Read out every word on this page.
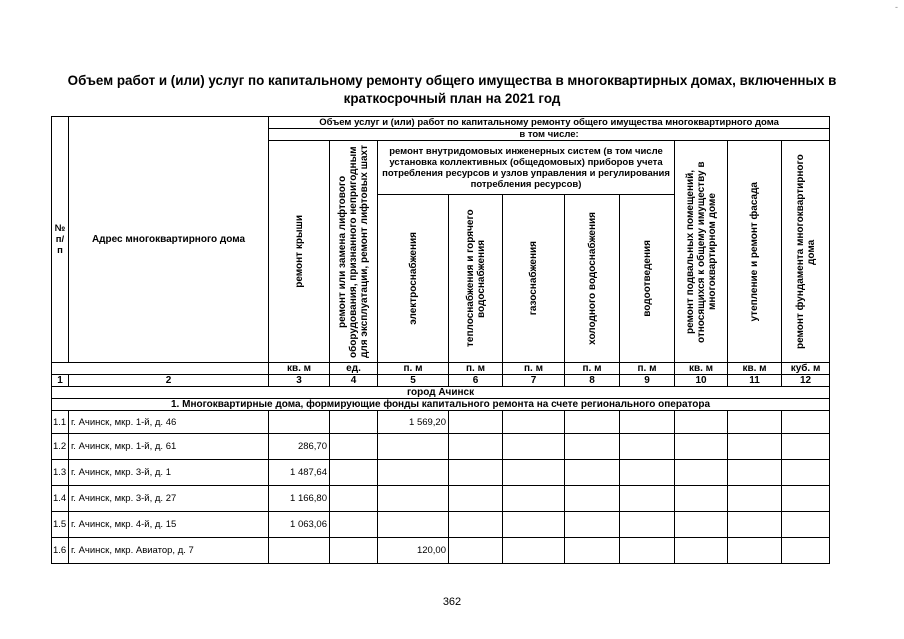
-
Объем работ и (или) услуг по капитальному ремонту общего имущества в многоквартирных домах, включенных в
краткосрочный план на 2021 год
№ п/ п	Адрес многоквартирного дома	Объем услуг и (или) работ по капитальному ремонту общего имущества многоквартирного дома									
		в том числе:									

		ремонт крыши	ремонт или замена лифтового оборудования, признанного непригодным для эксплуатации, ремонт лифтовых шахт	ремонт внутридомовых инженерных систем (в том числе установка коллективных (общедомовых) приборов учета потребления ресурсов и узлов управления и регулирования потребления ресурсов)					ремонт подвальных помещений, относящихся к общему имуществу в многоквартирном доме	утепление и ремонт фасада	ремонт фундамента многоквартирного дома

				электроснабжения	теплоснабжения и горячего водоснабжения	газоснабжения	холодного водоснабжения	водоотведения			

		кв. м	ед.	п. м	п. м	п. м	п. м	п. м	кв. м	кв. м	куб. м
1	2	3	4	5	6	7	8	9	10	11	12
город Ачинск											
1. Многоквартирные дома, формирующие фонды капитального ремонта на счете регионального оператора											
1.1	г. Ачинск, мкр. 1-й, д. 46			1 569,20							
1.2	г. Ачинск, мкр. 1-й, д. 61	286,70									
1.3	г. Ачинск, мкр. 3-й, д. 1	1 487,64									
1.4	г. Ачинск, мкр. 3-й, д. 27	1 166,80									
1.5	г. Ачинск, мкр. 4-й, д. 15	1 063,06									
1.6	г. Ачинск, мкр. Авиатор, д. 7			120,00							
362
